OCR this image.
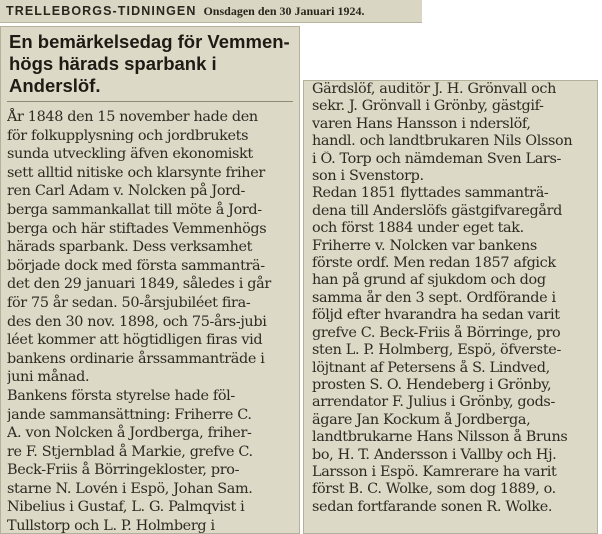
TRELLEBORGS-TIDNINGEN Onsdagen den 30 Januari 1924.
En bemärkelsedag för Vemmen-
högs härads sparbank i
Anderslöf.
År 1848 den 15 november hade den
för folkupplysning och jordbrukets
sunda utveckling äfven ekonomiskt
sett alltid nitiske och klarsynte friher
ren Carl Adam v. Nolcken på Jord-
berga sammankallat till möte å Jord-
berga och här stiftades Vemmenhögs
härads sparbank. Dess verksamhet
började dock med första sammanträ-
det den 29 januari 1849, således i går
för 75 år sedan. 50-årsjubiléet fira-
des den 30 nov. 1898, och 75-års-jubi
léet kommer att högtidligen firas vid
bankens ordinarie årssammanträde i
juni månad.
Bankens första styrelse hade föl-
jande sammansättning: Friherre C.
A. von Nolcken å Jordberga, friher-
re F. Stjernblad å Markie, grefve C.
Beck-Friis å Börringekloster, pro-
starne N. Lovén i Espö, Johan Sam.
Nibelius i Gustaf, L. G. Palmqvist i
Tullstorp och L. P. Holmberg i
Gärdslöf, auditör J. H. Grönvall och
sekr. J. Grönvall i Grönby, gästgif-
varen Hans Hansson i nderslöf,
handl. och landtbrukaren Nils Olsson
i Ö. Torp och nämdeman Sven Lars-
son i Svenstorp.
Redan 1851 flyttades sammanträ-
dena till Anderslöfs gästgifvaregård
och först 1884 under eget tak.
Friherre v. Nolcken var bankens
förste ordf. Men redan 1857 afgick
han på grund af sjukdom och dog
samma år den 3 sept. Ordförande i
följd efter hvarandra ha sedan varit
grefve C. Beck-Friis å Börringe, pro
sten L. P. Holmberg, Espö, öfverste-
löjtnant af Petersens å S. Lindved,
prosten S. O. Hendeberg i Grönby,
arrendator F. Julius i Grönby, gods-
ägare Jan Kockum å Jordberga,
landtbrukarne Hans Nilsson å Bruns
bo, H. T. Andersson i Vallby och Hj.
Larsson i Espö. Kamrerare ha varit
först B. C. Wolke, som dog 1889, o.
sedan fortfarande sonen R. Wolke.
